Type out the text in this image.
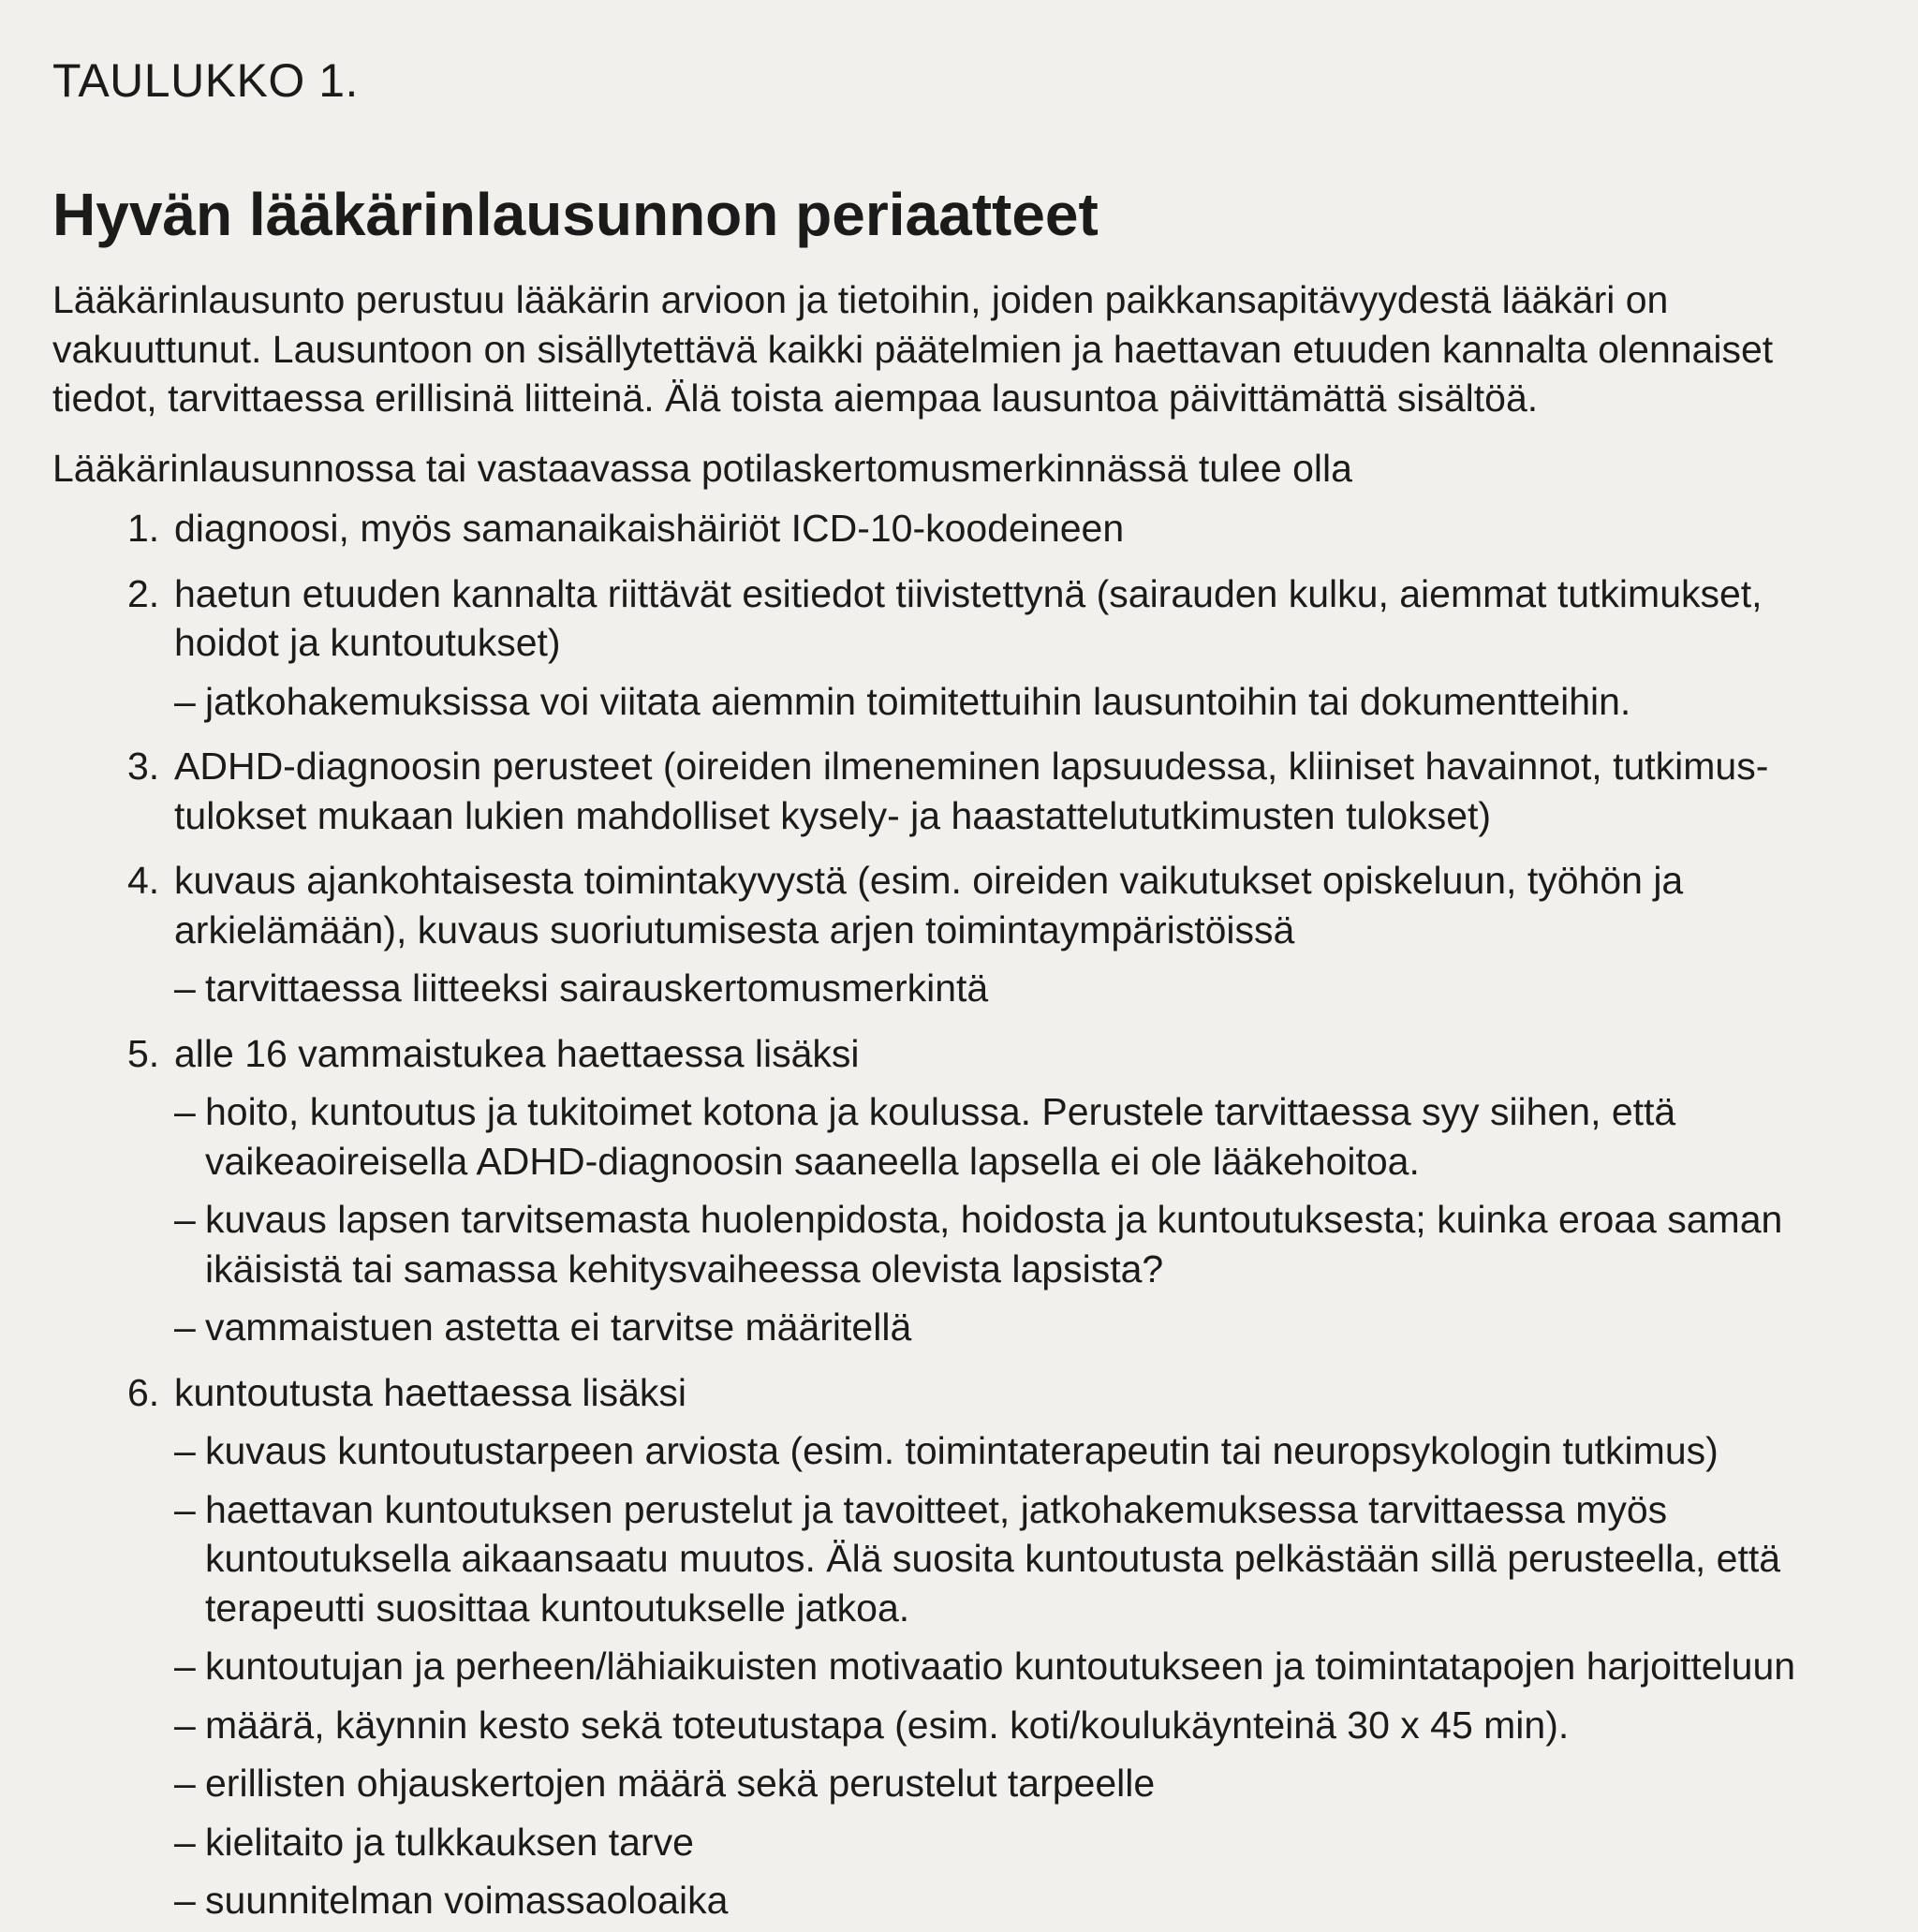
TAULUKKO 1.

Hyvän lääkärinlausunnon periaatteet

Lääkärinlausunto perustuu lääkärin arvioon ja tietoihin, joiden paikkansapitävyydestä lääkäri on vakuuttunut. Lausuntoon on sisällytettävä kaikki päätelmien ja haettavan etuuden kannalta olennaiset tiedot, tarvittaessa erillisinä liitteinä. Älä toista aiempaa lausuntoa päivittämättä sisältöä.

Lääkärinlausunnossa tai vastaavassa potilaskertomusmerkinnässä tulee olla

1. diagnoosi, myös samanaikaishäiriöt ICD-10-koodeineen
2. haetun etuuden kannalta riittävät esitiedot tiivistettynä (sairauden kulku, aiemmat tutkimukset, hoidot ja kuntoutukset)
– jatkohakemuksissa voi viitata aiemmin toimitettuihin lausuntoihin tai dokumentteihin.
3. ADHD-diagnoosin perusteet (oireiden ilmeneminen lapsuudessa, kliiniset havainnot, tutkimustulokset mukaan lukien mahdolliset kysely- ja haastattelututkimusten tulokset)
4. kuvaus ajankohtaisesta toimintakyvystä (esim. oireiden vaikutukset opiskeluun, työhön ja arkielämään), kuvaus suoriutumisesta arjen toimintaympäristöissä
– tarvittaessa liitteeksi sairauskertomusmerkintä
5. alle 16 vammaistukea haettaessa lisäksi
– hoito, kuntoutus ja tukitoimet kotona ja koulussa. Perustele tarvittaessa syy siihen, että vaikeaoireisella ADHD-diagnoosin saaneella lapsella ei ole lääkehoitoa.
– kuvaus lapsen tarvitsemasta huolenpidosta, hoidosta ja kuntoutuksesta; kuinka eroaa saman ikäisistä tai samassa kehitysvaiheessa olevista lapsista?
– vammaistuen astetta ei tarvitse määritellä
6. kuntoutusta haettaessa lisäksi
– kuvaus kuntoutustarpeen arviosta (esim. toimintaterapeutin tai neuropsykologin tutkimus)
– haettavan kuntoutuksen perustelut ja tavoitteet, jatkohakemuksessa tarvittaessa myös kuntoutuksella aikaansaatu muutos. Älä suosita kuntoutusta pelkästään sillä perusteella, että terapeutti suosittaa kuntoutukselle jatkoa.
– kuntoutujan ja perheen/lähiaikuisten motivaatio kuntoutukseen ja toimintatapojen harjoitteluun
– määrä, käynnin kesto sekä toteutustapa (esim. koti/koulukäynteinä 30 x 45 min).
– erillisten ohjauskertojen määrä sekä perustelut tarpeelle
– kielitaito ja tulkkauksen tarve
– suunnitelman voimassaoloaika
